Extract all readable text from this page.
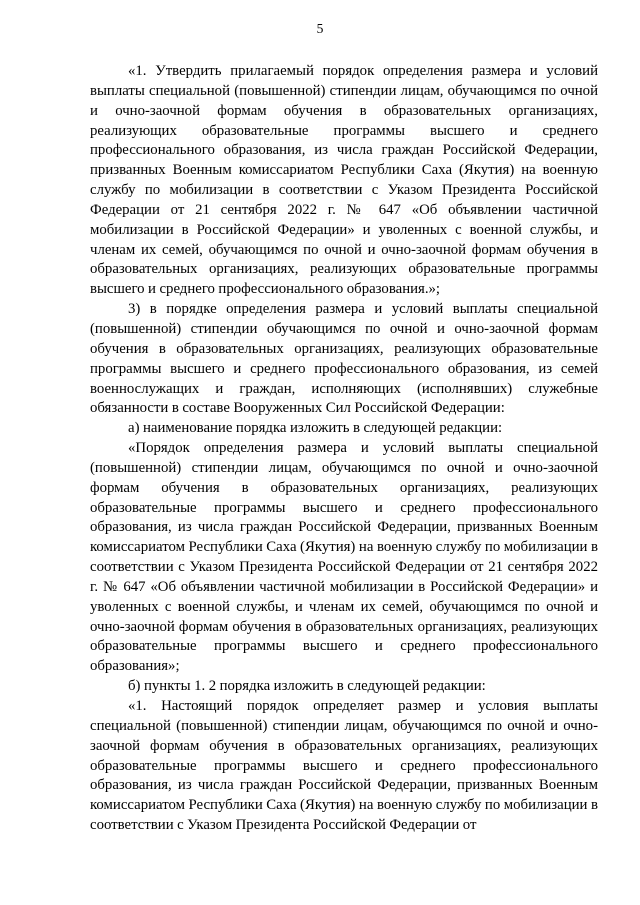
5

«1. Утвердить прилагаемый порядок определения размера и условий выплаты специальной (повышенной) стипендии лицам, обучающимся по очной и очно-заочной формам обучения в образовательных организациях, реализующих образовательные программы высшего и среднего профессионального образования, из числа граждан Российской Федерации, призванных Военным комиссариатом Республики Саха (Якутия) на военную службу по мобилизации в соответствии с Указом Президента Российской Федерации от 21 сентября 2022 г. № 647 «Об объявлении частичной мобилизации в Российской Федерации» и уволенных с военной службы, и членам их семей, обучающимся по очной и очно-заочной формам обучения в образовательных организациях, реализующих образовательные программы высшего и среднего профессионального образования.»;

3) в порядке определения размера и условий выплаты специальной (повышенной) стипендии обучающимся по очной и очно-заочной формам обучения в образовательных организациях, реализующих образовательные программы высшего и среднего профессионального образования, из семей военнослужащих и граждан, исполняющих (исполнявших) служебные обязанности в составе Вооруженных Сил Российской Федерации:

а) наименование порядка изложить в следующей редакции:

«Порядок определения размера и условий выплаты специальной (повышенной) стипендии лицам, обучающимся по очной и очно-заочной формам обучения в образовательных организациях, реализующих образовательные программы высшего и среднего профессионального образования, из числа граждан Российской Федерации, призванных Военным комиссариатом Республики Саха (Якутия) на военную службу по мобилизации в соответствии с Указом Президента Российской Федерации от 21 сентября 2022 г. № 647 «Об объявлении частичной мобилизации в Российской Федерации» и уволенных с военной службы, и членам их семей, обучающимся по очной и очно-заочной формам обучения в образовательных организациях, реализующих образовательные программы высшего и среднего профессионального образования»;

б) пункты 1. 2 порядка изложить в следующей редакции:

«1. Настоящий порядок определяет размер и условия выплаты специальной (повышенной) стипендии лицам, обучающимся по очной и очно-заочной формам обучения в образовательных организациях, реализующих образовательные программы высшего и среднего профессионального образования, из числа граждан Российской Федерации, призванных Военным комиссариатом Республики Саха (Якутия) на военную службу по мобилизации в соответствии с Указом Президента Российской Федерации от
